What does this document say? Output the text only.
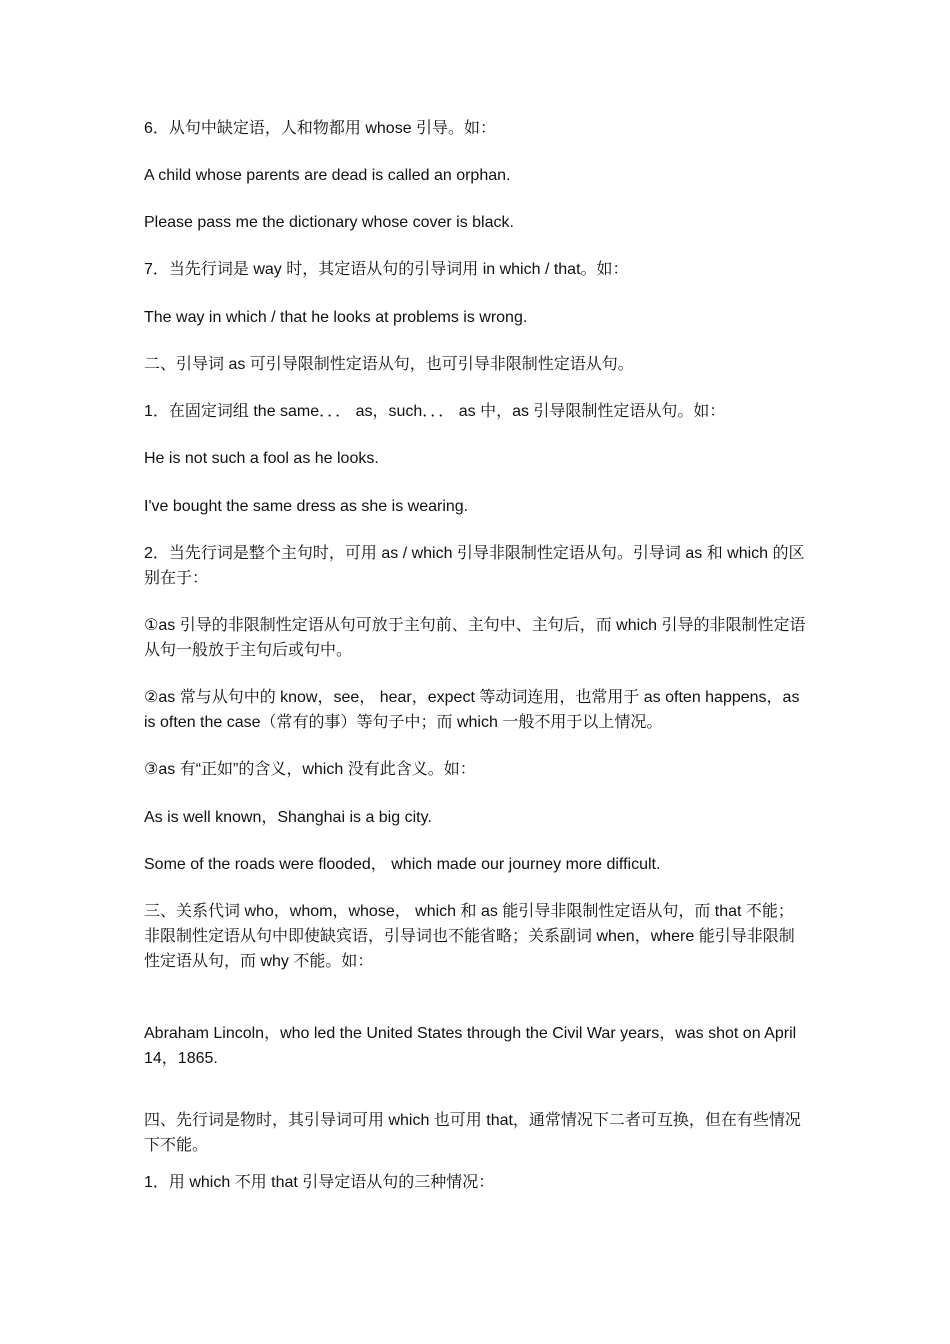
6．从句中缺定语，人和物都用 whose 引导。如：

A child whose parents are dead is called an orphan.

Please pass me the dictionary whose cover is black.

7．当先行词是 way 时，其定语从句的引导词用 in which / that。如：

The way in which / that he looks at problems is wrong.

二、引导词 as 可引导限制性定语从句，也可引导非限制性定语从句。

1．在固定词组 the same．．． as，such．．． as 中，as 引导限制性定语从句。如：

He is not such a fool as he looks.

I've bought the same dress as she is wearing.

2．当先行词是整个主句时，可用 as / which 引导非限制性定语从句。引导词 as 和 which 的区别在于：

①as 引导的非限制性定语从句可放于主句前、主句中、主句后，而 which 引导的非限制性定语从句一般放于主句后或句中。

②as 常与从句中的 know，see， hear，expect 等动词连用，也常用于 as often happens，as is often the case（常有的事）等句子中；而 which 一般不用于以上情况。

③as 有“正如”的含义，which 没有此含义。如：

As is well known，Shanghai is a big city.

Some of the roads were flooded， which made our journey more difficult.

三、关系代词 who，whom，whose， which 和 as 能引导非限制性定语从句，而 that 不能；非限制性定语从句中即使缺宾语，引导词也不能省略；关系副词 when，where 能引导非限制性定语从句，而 why 不能。如：

Abraham Lincoln，who led the United States through the Civil War years，was shot on April 14，1865.

四、先行词是物时，其引导词可用 which 也可用 that，通常情况下二者可互换，但在有些情况下不能。

1．用 which 不用 that 引导定语从句的三种情况：
